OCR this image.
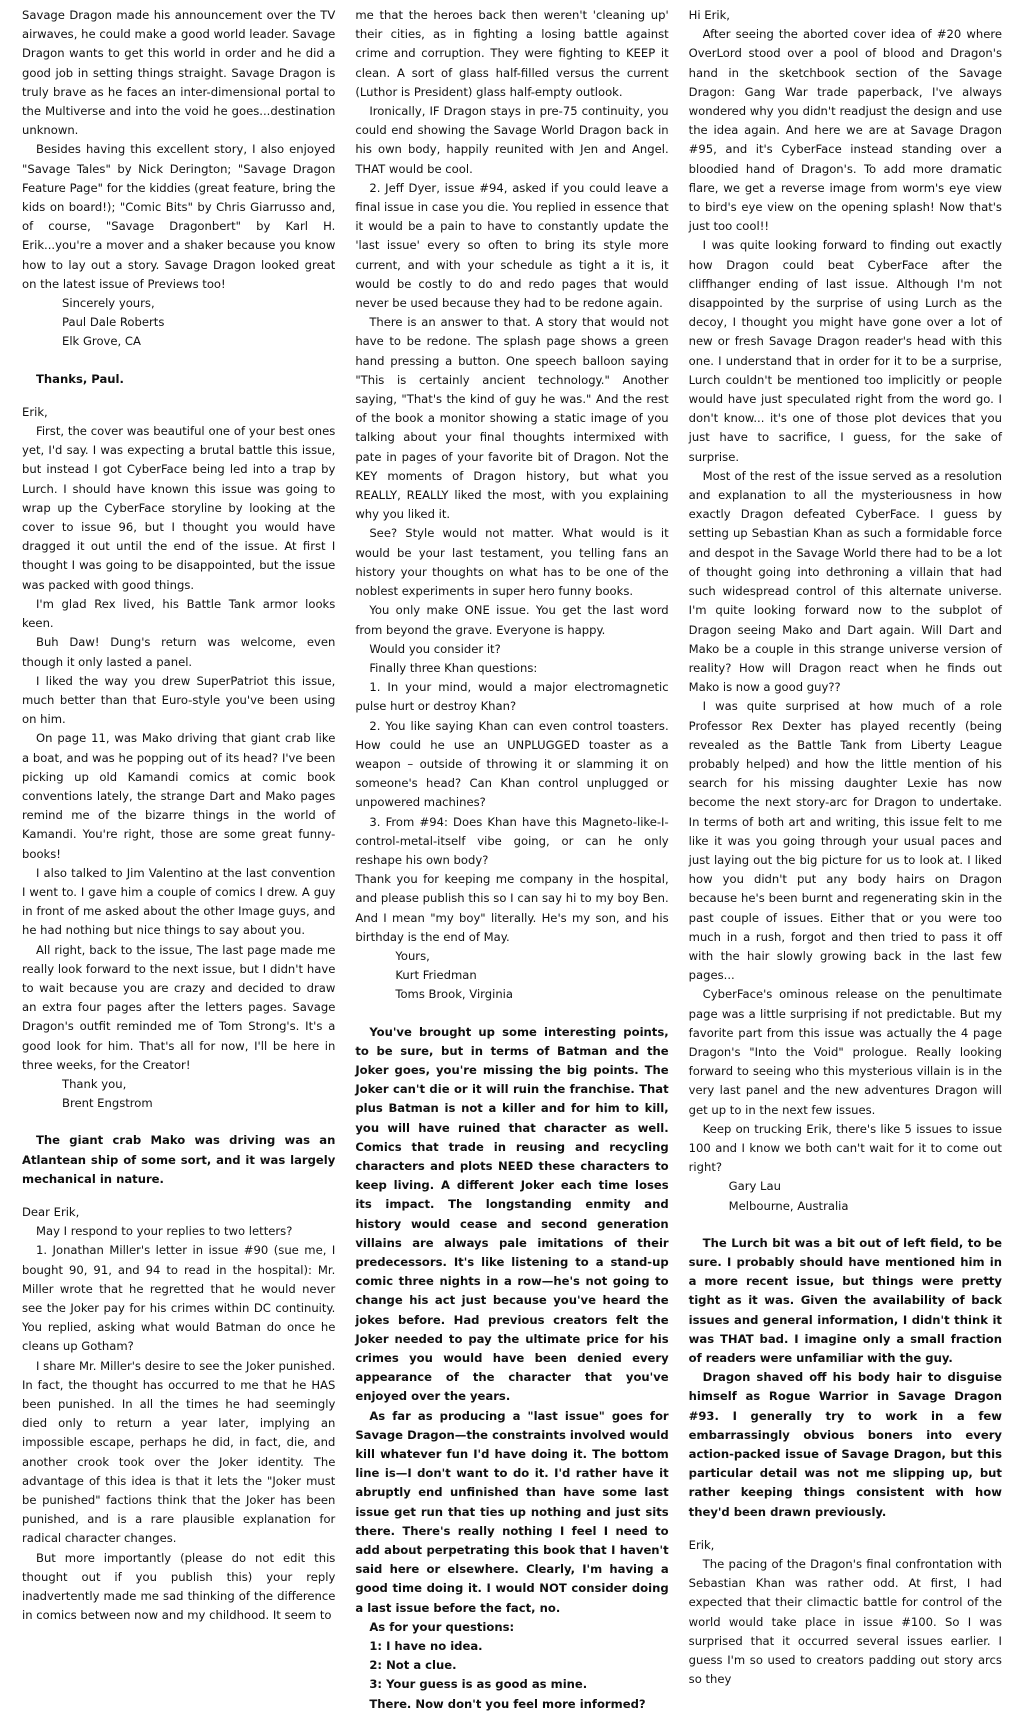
Savage Dragon made his announcement over the TV airwaves, he could make a good world leader. Savage Dragon wants to get this world in order and he did a good job in setting things straight. Savage Dragon is truly brave as he faces an inter-dimensional portal to the Multiverse and into the void he goes...destination unknown.

Besides having this excellent story, I also enjoyed "Savage Tales" by Nick Derington; "Savage Dragon Feature Page" for the kiddies (great feature, bring the kids on board!); "Comic Bits" by Chris Giarrusso and, of course, "Savage Dragonbert" by Karl H. Erik...you're a mover and a shaker because you know how to lay out a story. Savage Dragon looked great on the latest issue of Previews too!

Sincerely yours,

Paul Dale Roberts

Elk Grove, CA

Thanks, Paul.

Erik,

First, the cover was beautiful one of your best ones yet, I'd say. I was expecting a brutal battle this issue, but instead I got CyberFace being led into a trap by Lurch. I should have known this issue was going to wrap up the CyberFace storyline by looking at the cover to issue 96, but I thought you would have dragged it out until the end of the issue. At first I thought I was going to be disappointed, but the issue was packed with good things.

I'm glad Rex lived, his Battle Tank armor looks keen.

Buh Daw! Dung's return was welcome, even though it only lasted a panel.

I liked the way you drew SuperPatriot this issue, much better than that Euro-style you've been using on him.

On page 11, was Mako driving that giant crab like a boat, and was he popping out of its head? I've been picking up old Kamandi comics at comic book conventions lately, the strange Dart and Mako pages remind me of the bizarre things in the world of Kamandi. You're right, those are some great funny-books!

I also talked to Jim Valentino at the last convention I went to. I gave him a couple of comics I drew. A guy in front of me asked about the other Image guys, and he had nothing but nice things to say about you.

All right, back to the issue, The last page made me really look forward to the next issue, but I didn't have to wait because you are crazy and decided to draw an extra four pages after the letters pages. Savage Dragon's outfit reminded me of Tom Strong's. It's a good look for him. That's all for now, I'll be here in three weeks, for the Creator!

Thank you,

Brent Engstrom

The giant crab Mako was driving was an Atlantean ship of some sort, and it was largely mechanical in nature.

Dear Erik,

May I respond to your replies to two letters?

1. Jonathan Miller's letter in issue #90 (sue me, I bought 90, 91, and 94 to read in the hospital): Mr. Miller wrote that he regretted that he would never see the Joker pay for his crimes within DC continuity. You replied, asking what would Batman do once he cleans up Gotham?

I share Mr. Miller's desire to see the Joker punished. In fact, the thought has occurred to me that he HAS been punished. In all the times he had seemingly died only to return a year later, implying an impossible escape, perhaps he did, in fact, die, and another crook took over the Joker identity. The advantage of this idea is that it lets the "Joker must be punished" factions think that the Joker has been punished, and is a rare plausible explanation for radical character changes.

But more importantly (please do not edit this thought out if you publish this) your reply inadvertently made me sad thinking of the difference in comics between now and my childhood. It seem to

me that the heroes back then weren't 'cleaning up' their cities, as in fighting a losing battle against crime and corruption. They were fighting to KEEP it clean. A sort of glass half-filled versus the current (Luthor is President) glass half-empty outlook.

Ironically, IF Dragon stays in pre-75 continuity, you could end showing the Savage World Dragon back in his own body, happily reunited with Jen and Angel. THAT would be cool.

2. Jeff Dyer, issue #94, asked if you could leave a final issue in case you die. You replied in essence that it would be a pain to have to constantly update the 'last issue' every so often to bring its style more current, and with your schedule as tight a it is, it would be costly to do and redo pages that would never be used because they had to be redone again.

There is an answer to that. A story that would not have to be redone. The splash page shows a green hand pressing a button. One speech balloon saying "This is certainly ancient technology." Another saying, "That's the kind of guy he was." And the rest of the book a monitor showing a static image of you talking about your final thoughts intermixed with pate in pages of your favorite bit of Dragon. Not the KEY moments of Dragon history, but what you REALLY, REALLY liked the most, with you explaining why you liked it.

See? Style would not matter. What would is it would be your last testament, you telling fans an history your thoughts on what has to be one of the noblest experiments in super hero funny books.

You only make ONE issue. You get the last word from beyond the grave. Everyone is happy.

Would you consider it?

Finally three Khan questions:

1. In your mind, would a major electromagnetic pulse hurt or destroy Khan?

2. You like saying Khan can even control toasters. How could he use an UNPLUGGED toaster as a weapon – outside of throwing it or slamming it on someone's head? Can Khan control unplugged or unpowered machines?

3. From #94: Does Khan have this Magneto-like-I-control-metal-itself vibe going, or can he only reshape his own body?

Thank you for keeping me company in the hospital, and please publish this so I can say hi to my boy Ben. And I mean "my boy" literally. He's my son, and his birthday is the end of May.

Yours,

Kurt Friedman

Toms Brook, Virginia

You've brought up some interesting points, to be sure, but in terms of Batman and the Joker goes, you're missing the big points. The Joker can't die or it will ruin the franchise. That plus Batman is not a killer and for him to kill, you will have ruined that character as well. Comics that trade in reusing and recycling characters and plots NEED these characters to keep living. A different Joker each time loses its impact. The longstanding enmity and history would cease and second generation villains are always pale imitations of their predecessors. It's like listening to a stand-up comic three nights in a row—he's not going to change his act just because you've heard the jokes before. Had previous creators felt the Joker needed to pay the ultimate price for his crimes you would have been denied every appearance of the character that you've enjoyed over the years.

As far as producing a "last issue" goes for Savage Dragon—the constraints involved would kill whatever fun I'd have doing it. The bottom line is—I don't want to do it. I'd rather have it abruptly end unfinished than have some last issue get run that ties up nothing and just sits there. There's really nothing I feel I need to add about perpetrating this book that I haven't said here or elsewhere. Clearly, I'm having a good time doing it. I would NOT consider doing a last issue before the fact, no.

As for your questions:

1: I have no idea.

2: Not a clue.

3: Your guess is as good as mine.

There. Now don't you feel more informed?

Hi Erik,

After seeing the aborted cover idea of #20 where OverLord stood over a pool of blood and Dragon's hand in the sketchbook section of the Savage Dragon: Gang War trade paperback, I've always wondered why you didn't readjust the design and use the idea again. And here we are at Savage Dragon #95, and it's CyberFace instead standing over a bloodied hand of Dragon's. To add more dramatic flare, we get a reverse image from worm's eye view to bird's eye view on the opening splash! Now that's just too cool!!

I was quite looking forward to finding out exactly how Dragon could beat CyberFace after the cliffhanger ending of last issue. Although I'm not disappointed by the surprise of using Lurch as the decoy, I thought you might have gone over a lot of new or fresh Savage Dragon reader's head with this one. I understand that in order for it to be a surprise, Lurch couldn't be mentioned too implicitly or people would have just speculated right from the word go. I don't know... it's one of those plot devices that you just have to sacrifice, I guess, for the sake of surprise.

Most of the rest of the issue served as a resolution and explanation to all the mysteriousness in how exactly Dragon defeated CyberFace. I guess by setting up Sebastian Khan as such a formidable force and despot in the Savage World there had to be a lot of thought going into dethroning a villain that had such widespread control of this alternate universe. I'm quite looking forward now to the subplot of Dragon seeing Mako and Dart again. Will Dart and Mako be a couple in this strange universe version of reality? How will Dragon react when he finds out Mako is now a good guy??

I was quite surprised at how much of a role Professor Rex Dexter has played recently (being revealed as the Battle Tank from Liberty League probably helped) and how the little mention of his search for his missing daughter Lexie has now become the next story-arc for Dragon to undertake. In terms of both art and writing, this issue felt to me like it was you going through your usual paces and just laying out the big picture for us to look at. I liked how you didn't put any body hairs on Dragon because he's been burnt and regenerating skin in the past couple of issues. Either that or you were too much in a rush, forgot and then tried to pass it off with the hair slowly growing back in the last few pages...

CyberFace's ominous release on the penultimate page was a little surprising if not predictable. But my favorite part from this issue was actually the 4 page Dragon's "Into the Void" prologue. Really looking forward to seeing who this mysterious villain is in the very last panel and the new adventures Dragon will get up to in the next few issues.

Keep on trucking Erik, there's like 5 issues to issue 100 and I know we both can't wait for it to come out right?

Gary Lau

Melbourne, Australia

The Lurch bit was a bit out of left field, to be sure. I probably should have mentioned him in a more recent issue, but things were pretty tight as it was. Given the availability of back issues and general information, I didn't think it was THAT bad. I imagine only a small fraction of readers were unfamiliar with the guy.

Dragon shaved off his body hair to disguise himself as Rogue Warrior in Savage Dragon #93. I generally try to work in a few embarrassingly obvious boners into every action-packed issue of Savage Dragon, but this particular detail was not me slipping up, but rather keeping things consistent with how they'd been drawn previously.

Erik,

The pacing of the Dragon's final confrontation with Sebastian Khan was rather odd. At first, I had expected that their climactic battle for control of the world would take place in issue #100. So I was surprised that it occurred several issues earlier. I guess I'm so used to creators padding out story arcs so they
